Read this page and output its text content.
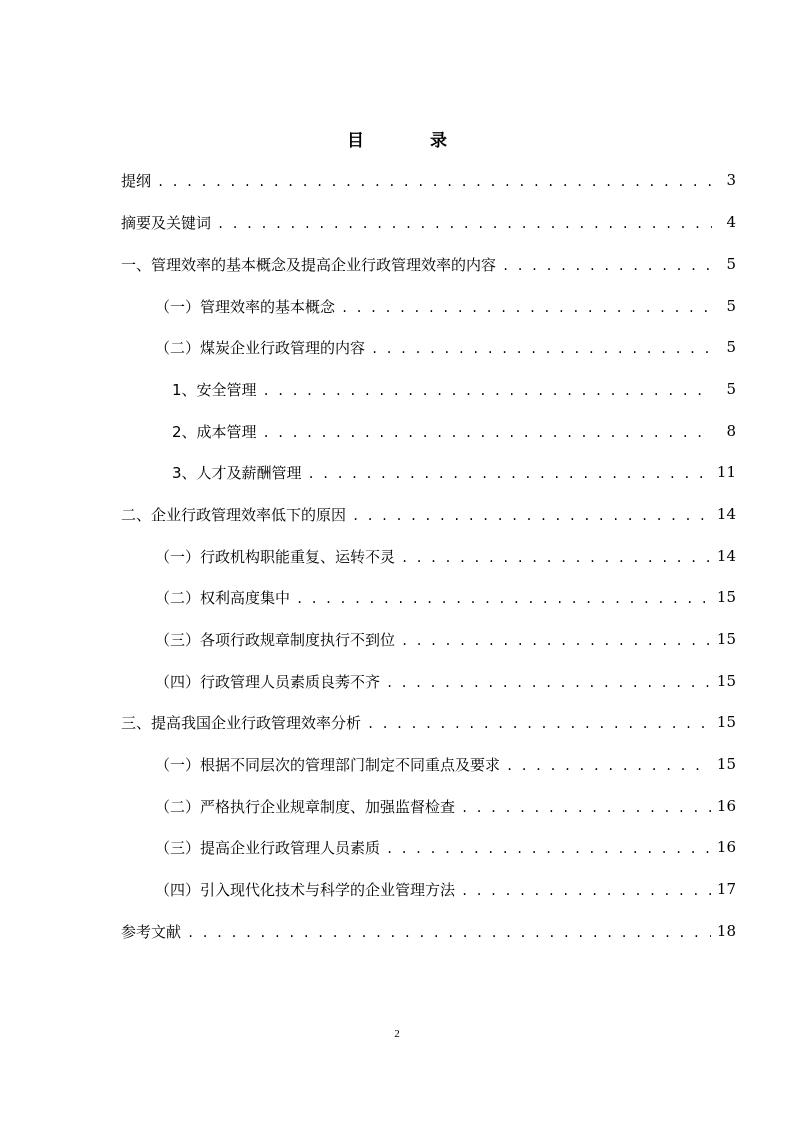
目 录
提纲 . . .	3
摘要及关键词 . . .	4
一、管理效率的基本概念及提高企业行政管理效率的内容 . . .	5
（一）管理效率的基本概念 . . .	5
（二）煤炭企业行政管理的内容 . . .	5
1、安全管理 . . .	5
2、成本管理 . . .	8
3、人才及薪酬管理 . . .	11
二、企业行政管理效率低下的原因 . . .	14
（一）行政机构职能重复、运转不灵 . . .	14
（二）权利高度集中 . . .	15
（三）各项行政规章制度执行不到位 . . .	15
（四）行政管理人员素质良莠不齐 . . .	15
三、提高我国企业行政管理效率分析 . . .	15
（一）根据不同层次的管理部门制定不同重点及要求 . . .	15
（二）严格执行企业规章制度、加强监督检查 . . .	16
（三）提高企业行政管理人员素质 . . .	16
（四）引入现代化技术与科学的企业管理方法 . . .	17
参考文献 . . .	18
2
